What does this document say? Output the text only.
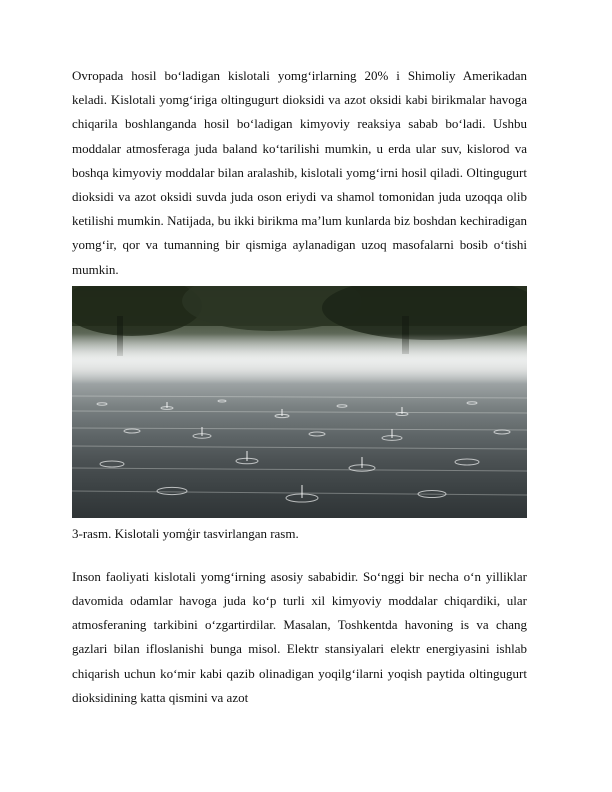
Ovropada hosil boʻladigan kislotali yomgʻirlarning 20% i Shimoliy Amerikadan keladi. Kislotali yomgʻiriga oltingugurt dioksidi va azot oksidi kabi birikmalar havoga chiqarila boshlanganda hosil boʻladigan kimyoviy reaksiya sabab boʻladi. Ushbu moddalar atmosferaga juda baland koʻtarilishi mumkin, u erda ular suv, kislorod va boshqa kimyoviy moddalar bilan aralashib, kislotali yomgʻirni hosil qiladi. Oltingugurt dioksidi va azot oksidi suvda juda oson eriydi va shamol tomonidan juda uzoqqa olib ketilishi mumkin. Natijada, bu ikki birikma maʼlum kunlarda biz boshdan kechiradigan yomgʻir, qor va tumanning bir qismiga aylanadigan uzoq masofalarni bosib oʻtishi mumkin.

3-rasm. Kislotali yomģir tasvirlangan rasm.

Inson faoliyati kislotali yomgʻirning asosiy sababidir. Soʻnggi bir necha oʻn yilliklar davomida odamlar havoga juda koʻp turli xil kimyoviy moddalar chiqardiki, ular atmosferaning tarkibini oʻzgartirdilar. Masalan, Toshkentda havoning is va chang gazlari bilan ifloslanishi bunga misol. Elektr stansiyalari elektr energiyasini ishlab chiqarish uchun koʻmir kabi qazib olinadigan yoqilgʻilarni yoqish paytida oltingugurt dioksidining katta qismini va azot
